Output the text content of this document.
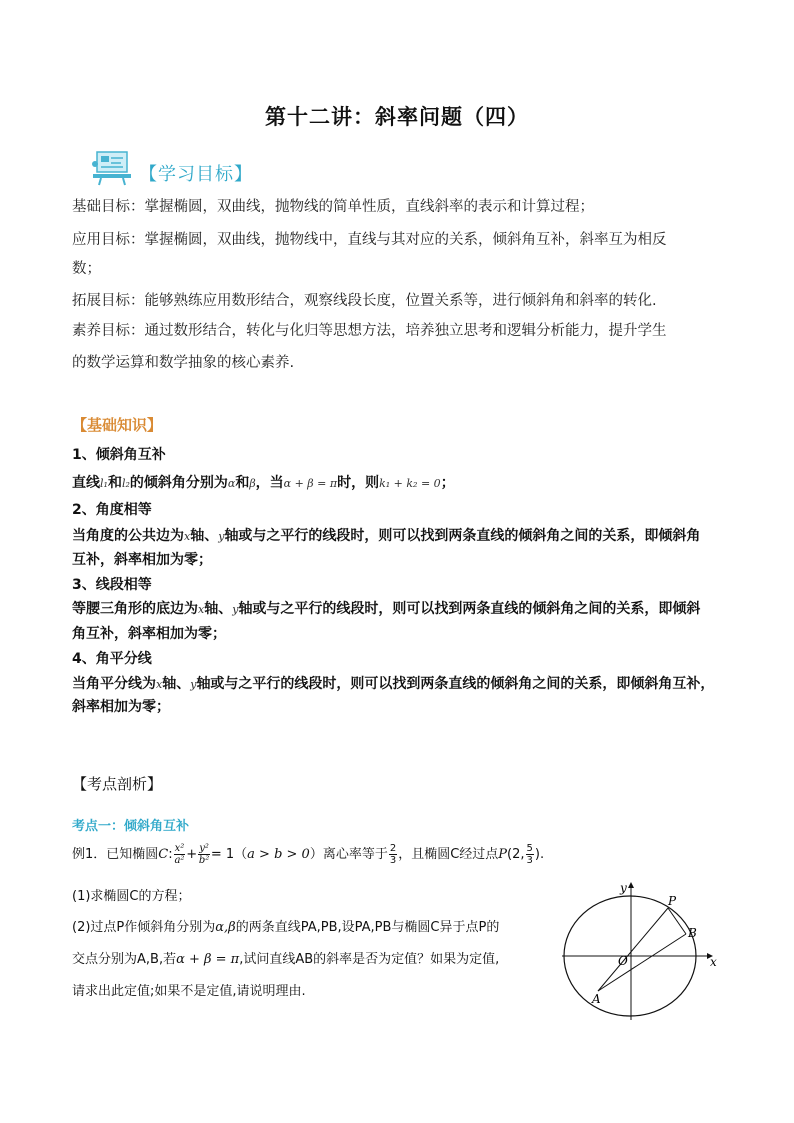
第十二讲：斜率问题（四）
【学习目标】
基础目标：掌握椭圆，双曲线，抛物线的简单性质，直线斜率的表示和计算过程；
应用目标：掌握椭圆，双曲线，抛物线中，直线与其对应的关系，倾斜角互补，斜率互为相反
数；
拓展目标：能够熟练应用数形结合，观察线段长度，位置关系等，进行倾斜角和斜率的转化.
素养目标：通过数形结合，转化与化归等思想方法，培养独立思考和逻辑分析能力，提升学生
的数学运算和数学抽象的核心素养.
【基础知识】
1、倾斜角互补
直线l₁和l₂的倾斜角分别为α和β，当α + β = π时，则k₁ + k₂ = 0；
2、角度相等
当角度的公共边为x轴、y轴或与之平行的线段时，则可以找到两条直线的倾斜角之间的关系，即倾斜角
互补，斜率相加为零；
3、线段相等
等腰三角形的底边为x轴、y轴或与之平行的线段时，则可以找到两条直线的倾斜角之间的关系，即倾斜
角互补，斜率相加为零；
4、角平分线
当角平分线为x轴、y轴或与之平行的线段时，则可以找到两条直线的倾斜角之间的关系，即倾斜角互补，
斜率相加为零；
【考点剖析】
考点一：倾斜角互补
例1．已知椭圆C: $\frac{\text{x²}}{\text{a²}} + \frac{\text{y²}}{\text{b²}} = 1(a > b > 0)$离心率等于 $\frac{2}{3}$ ，且椭圆C经过点P(2, $\frac{5}{3}$ ).
(1)求椭圆C的方程；
(2)过点P作倾斜角分别为α,β的两条直线PA,PB,设PA,PB与椭圆C异于点P的
交点分别为A,B,若α + β = π,试问直线AB的斜率是否为定值？如果为定值,
请求出此定值;如果不是定值,请说明理由.
y
x
O
P
B
A
